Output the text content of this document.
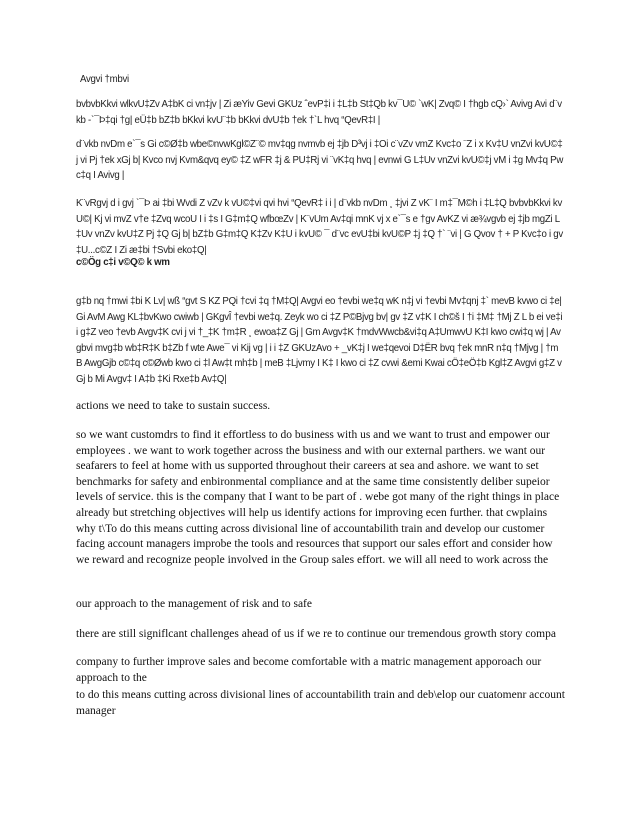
Avgvi †mbvi
bvbvbKkvi wlkvU‡Zv A‡bK ci vn‡jv | Zi æYiv Gevi GKUz ˆevP‡i i ‡L‡b St‡Qb kv¯U© `wK| Zvq© I †hgb cQ›` Avivg Avi d¨vkb -`¯Þ‡qi †g| eÜ‡b bZ‡b bKkvi kvU¨‡b bKkvi dvU‡b †ek †`L hvq “QevR‡I |
d¨vkb nvDm e`¯s Gi c©Ø‡b wbe©nvwKgl©Z¨© mv‡qg nvmvb ej ‡jb D³vj i ‡Oi c¨vZv vmZ Kvc‡o ¨Z i x Kv‡U vnZvi kvU©‡j vi Pj †ek xGj b| Kvco nvj Kvm&qvq ey© ‡Z wFR ‡j & PU‡Rj vi ¨vK‡q hvq | evnwi G L‡Uv vnZvi kvU©‡j vM i ‡g Mv‡q Pwc‡q I Avivg |
K¨vRgvj d i gvj `¯Þ ai ‡bi Wvdi Z vZv k vU©‡vi qvi hvi “QevR‡ i i | d¨vkb nvDm ¸ ‡jvi Z vK¨ I m‡¯M©h i ‡L‡Q bvbvbKkvi kvU©| Kj vi mvZ v†e ‡Zvq wcoU I i ‡s I G‡m‡Q wfbœZv | K¨vUm Av‡qi mnK vj x e`¯s e †gv AvKZ vi æ¾vgvb ej ‡jb mgZi L‡Uv vnZv kvU‡Z Pj ‡Q Gj b| bZ‡b G‡m‡Q K‡Zv K‡U i kvU© ¯ d¨vc evU‡bi kvU©P ‡j ‡Q †` ¨vi | G Qvov † + P Kvc‡o i gv‡U...c©Z I Zi æ‡bi †Svbi eko‡Q|
c©Ög c‡i v©Q© k wm
g‡b nq †mwi ‡bi K Lv| wß “gvt S KZ PQi †cvi ‡q †M‡Q| Avgvi eo †evbi we‡q wK n‡j vi †evbi Mv‡qnj ‡` mevB kvwo ci ‡e| Gi AvM Awg KL‡bvKwo cwiwb | GKgvÎ †evbi we‡q. Zeyk wo ci ‡Z P©Bjvg bv| gv ‡Z v‡K I ch©š I †i ‡M‡ †Mj Z L b ei ve‡i i g‡Z veo †evb Avgv‡K cvi j vi †_‡K †m‡R ¸ ewoa‡Z Gj | Gm Avgv‡K †mdvWwcb&vi‡q A‡UmwvU K‡I kwo cwi‡q wj | Avgbvi mvg‡b wb‡R‡K b‡Zb f wte Awe¯ vi Kij vg | i i ‡Z GKUzAvo + _vK‡j I we‡qevoi D‡ËR bvq †ek mnR n‡q †Mjvg | †mB AwgGjb c©‡q c©Øwb kwo ci ‡l Aw‡t mh‡b | meB ‡Ljvmy I K‡ I kwo ci ‡Z cvwi &emi Kwai cÖ‡eÖ‡b Kgl‡Z Avgvi g‡Z vGj b Mi Avgv‡ I A‡b ‡Ki Rxe‡b Av‡Q|

actions we need to take to sustain success.

so we want customdrs to find it effortless to do business with us and we want to trust and empower our employees . we want to work together across the business and with our external parthers. we want our seafarers to feel at home with us supported throughout their careers at sea and ashore. we want to set benchmarks for safety and enbironmental compliance and at the same time consistently deliber supeior levels of service. this is the company that I want to be part of . webe got many of the right things in place already but stretching objectives will help us identify actions for improving ecen further. that cwplains why t\To do this means cutting across divisional line of accountabilith train and develop our customer facing account managers improbe the tools and resources that support our sales effort and consider how we reward and recognize people involved in the Group sales effort. we will all need to work across the

our approach to the management of risk and to safe

there are still signiflcant challenges ahead of us if we re to continue our tremendous growth story compa

company to further improve sales and become comfortable with a matric management apporoach our approach to the

to do this means cutting across divisional lines of accountabilith train and deb\elop our cuatomenr account manager
